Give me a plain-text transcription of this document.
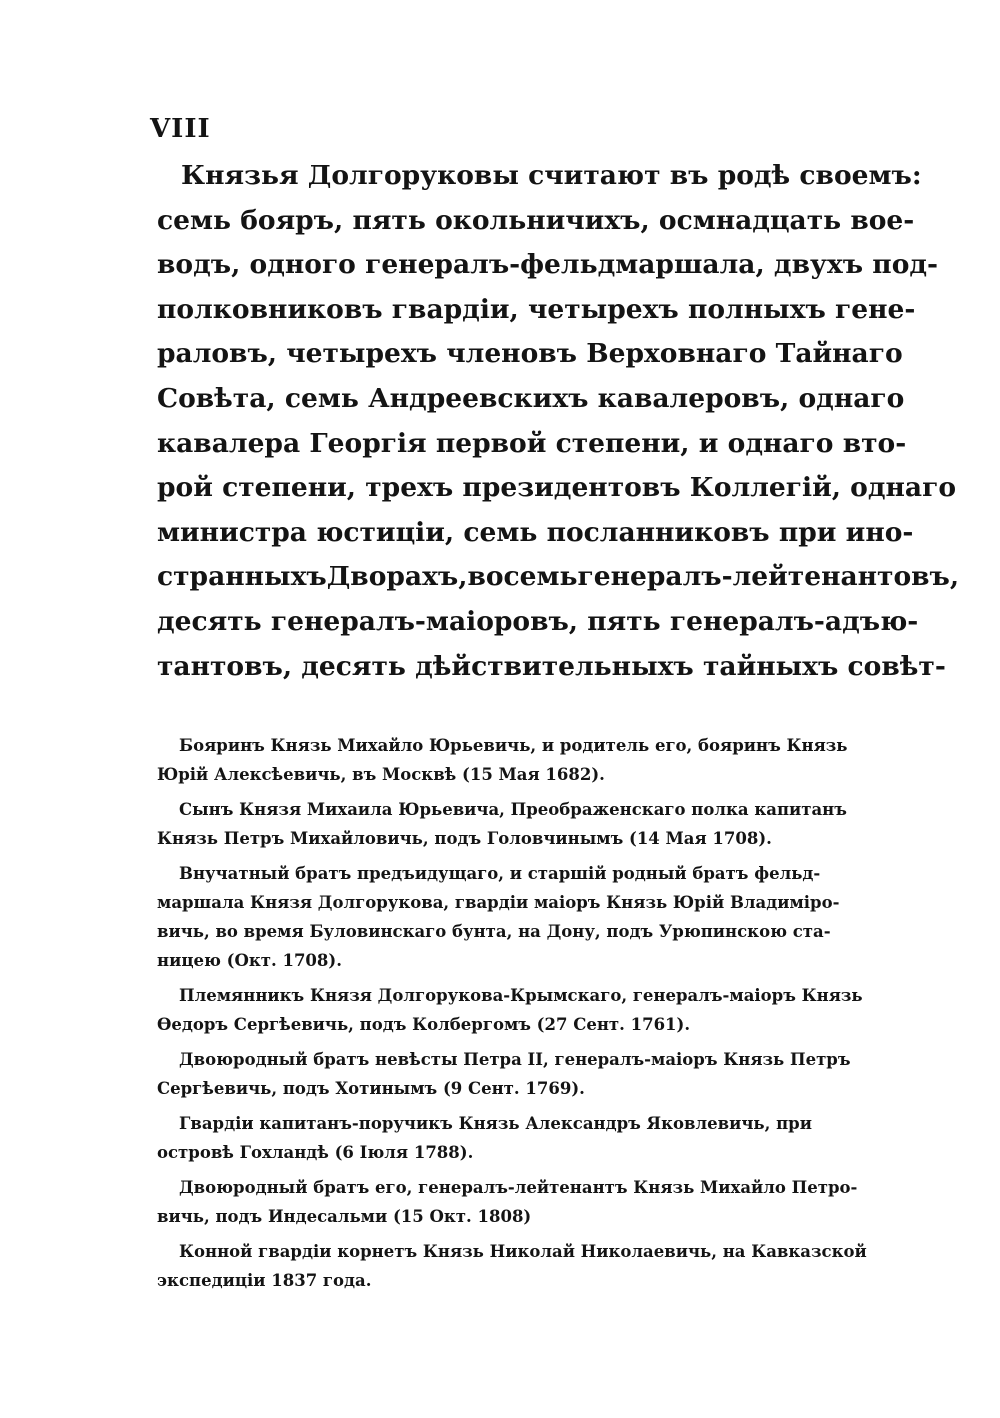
VIII
Князья Долгоруковы считают въ родѣ своемъ:
семь бояръ, пять окольничихъ, осмнадцать вое-
водъ, одного генералъ-фельдмаршала, двухъ под-
полковниковъ гвардіи, четырехъ полныхъ гене-
раловъ, четырехъ членовъ Верховнаго Тайнаго
Совѣта, семь Андреевскихъ кавалеровъ, однаго
кавалера Георгія первой степени, и однаго вто-
рой степени, трехъ президентовъ Коллегій, однаго
министра юстиціи, семь посланниковъ при ино-
странныхъДворахъ,восемьгенералъ-лейтенантовъ,
десять генералъ-маіоровъ, пять генералъ-адъю-
тантовъ, десять дѣйствительныхъ тайныхъ совѣт-
Бояринъ Князь Михайло Юрьевичь, и родитель его, бояринъ Князь
Юрій Алексѣевичь, въ Москвѣ (15 Мая 1682).
Сынъ Князя Михаила Юрьевича, Преображенскаго полка капитанъ
Князь Петръ Михайловичь, подъ Головчинымъ (14 Мая 1708).
Внучатный братъ предъидущаго, и старшій родный братъ фельд-
маршала Князя Долгорукова, гвардіи маіоръ Князь Юрій Владиміро-
вичь, во время Буловинскаго бунта, на Дону, подъ Урюпинскою ста-
ницею (Окт. 1708).
Племянникъ Князя Долгорукова-Крымскаго, генералъ-маіоръ Князь
Ѳедоръ Сергѣевичь, подъ Колбергомъ (27 Сент. 1761).
Двоюродный братъ невѣсты Петра II, генералъ-маіоръ Князь Петръ
Сергѣевичь, подъ Хотинымъ (9 Сент. 1769).
Гвардіи капитанъ-поручикъ Князь Александръ Яковлевичь, при
островѣ Гохландѣ (6 Іюля 1788).
Двоюродный братъ его, генералъ-лейтенантъ Князь Михайло Петро-
вичь, подъ Индесальми (15 Окт. 1808)
Конной гвардіи корнетъ Князь Николай Николаевичь, на Кавказской
экспедиціи 1837 года.
